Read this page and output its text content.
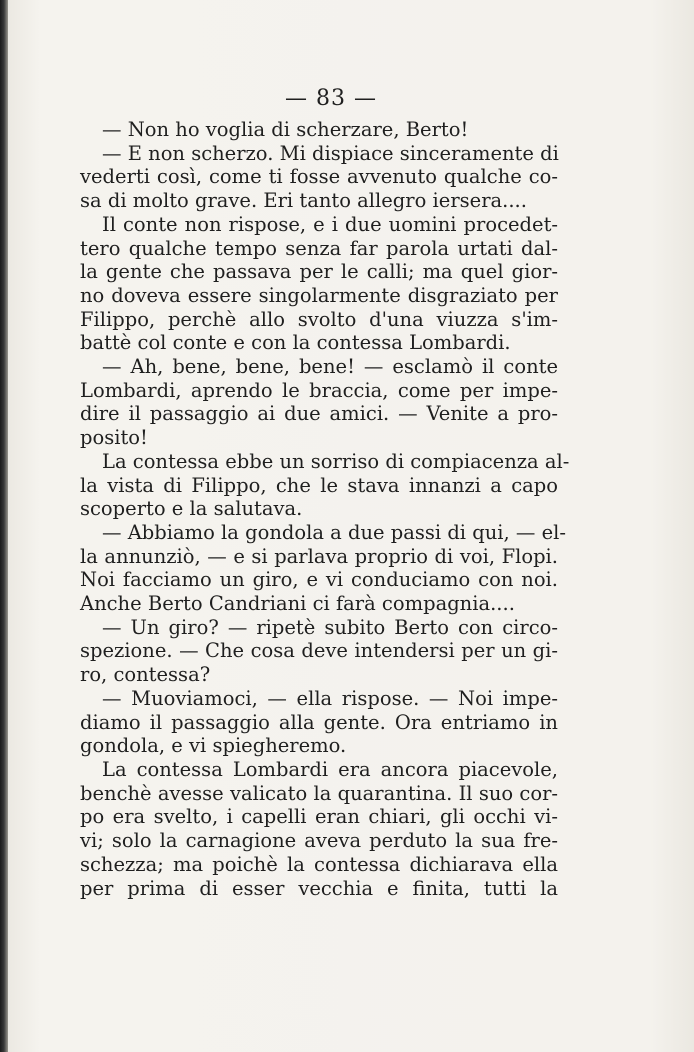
— 83 —
— Non ho voglia di scherzare, Berto!
— E non scherzo. Mi dispiace sinceramente di
vederti così, come ti fosse avvenuto qualche co-
sa di molto grave. Eri tanto allegro iersera....
Il conte non rispose, e i due uomini procedet-
tero qualche tempo senza far parola urtati dal-
la gente che passava per le calli; ma quel gior-
no doveva essere singolarmente disgraziato per
Filippo, perchè allo svolto d'una viuzza s'im-
battè col conte e con la contessa Lombardi.
— Ah, bene, bene, bene! — esclamò il conte
Lombardi, aprendo le braccia, come per impe-
dire il passaggio ai due amici. — Venite a pro-
posito!
La contessa ebbe un sorriso di compiacenza al-
la vista di Filippo, che le stava innanzi a capo
scoperto e la salutava.
— Abbiamo la gondola a due passi di qui, — el-
la annunziò, — e si parlava proprio di voi, Flopi.
Noi facciamo un giro, e vi conduciamo con noi.
Anche Berto Candriani ci farà compagnia....
— Un giro? — ripetè subito Berto con circo-
spezione. — Che cosa deve intendersi per un gi-
ro, contessa?
— Muoviamoci, — ella rispose. — Noi impe-
diamo il passaggio alla gente. Ora entriamo in
gondola, e vi spiegheremo.
La contessa Lombardi era ancora piacevole,
benchè avesse valicato la quarantina. Il suo cor-
po era svelto, i capelli eran chiari, gli occhi vi-
vi; solo la carnagione aveva perduto la sua fre-
schezza; ma poichè la contessa dichiarava ella
per prima di esser vecchia e finita, tutti la
